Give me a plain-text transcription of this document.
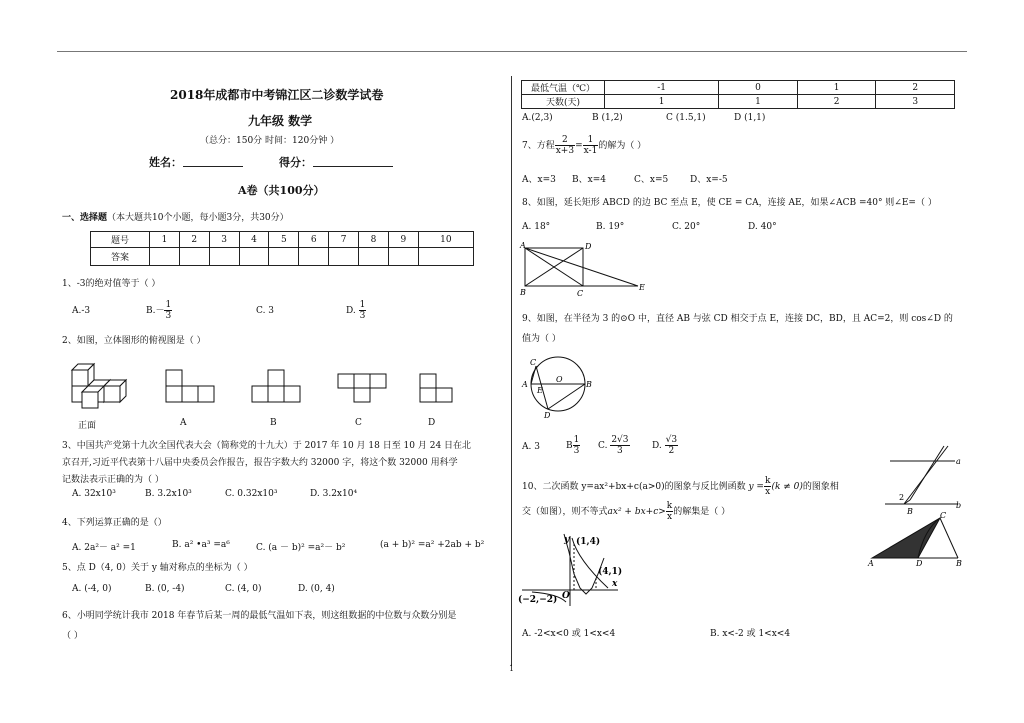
2018年成都市中考锦江区二诊数学试卷
九年级 数学
（总分：150分 时间：120分钟 ）
姓名：	得分：
A卷（共100分）
一、选择题（本大题共10个小题，每小题3分，共30分）
题号	1	2	3	4	5	6	7	8	9	10
答案										
1、-3的绝对值等于（ ）
A.-3	$B.- \frac{1}{3}$	C. 3	D. $\frac{1}{3}$
2、如图，立体图形的俯视图是（ ）
正面	A	B	C	D
3、中国共产党第十九次全国代表大会（简称党的十九大）于 2017 年 10 月 18 日至 10 月 24 日在北
京召开,习近平代表第十八届中央委员会作报告，报告字数大约 32000 字，将这个数 32000 用科学
记数法表示正确的为（ ）
A. 32x10³	B. 3.2x10³	C. 0.32x10³	D. 3.2x10⁴
4、下列运算正确的是（）
A. 2a²－ a² =1	B. a² •a³ =a⁶	C. (a － b)² =a²－ b²	(a + b)² =a² +2ab + b²
5、点 D（4, 0）关于 y 轴对称点的坐标为（ ）
A. (-4, 0)	B. (0, -4)	C. (4, 0)	D. (0, 4)
6、小明同学统计我市 2018 年春节后某一周的最低气温如下表，则这组数据的中位数与众数分别是
（ ）
最低气温（℃）	-1	0	1	2
天数(天)	1	1	2	3
A.(2,3)	B (1,2)	C (1.5,1)	D (1,1)
7、方程 $\frac{2}{x+3} = \frac{1}{x-1}$ 的解为（ ）
A、x=3 B、x=4	C、x=5 D、x=-5
8、如图，延长矩形 ABCD 的边 BC 至点 E，使 CE = CA，连接 AE，如果∠ACB =40° 则∠E=（ ）
A. 18°	B. 19°	C. 20°	D. 40°
A	D
B	C
E
9、如图，在半径为 3 的⊙O 中，直径 AB 与弦 CD 相交于点 E，连接 DC，BD，且 AC=2，则 cos∠D 的
值为（ ）
C
A
E
O
B
D
A. 3	B $\frac{1}{3} C$. $\frac{2√3}{3}$	D. $\frac{√3}{2}$
10、二次函数 y=ax²+bx+c(a>0)的图象与反比例函数 $y = \frac{k}{x} (k \ne 0)$的图象相
交（如图），则不等式$ax^2 + bx+c> \frac{k}{x}$ 的解集是（ ）
y (1,4)
(4,1)
(−2,−2) O
x
A. -2<x<0 或 1<x<4	B. x<-2 或 1<x<4
a
2
B
b
C
A	D	B
1
